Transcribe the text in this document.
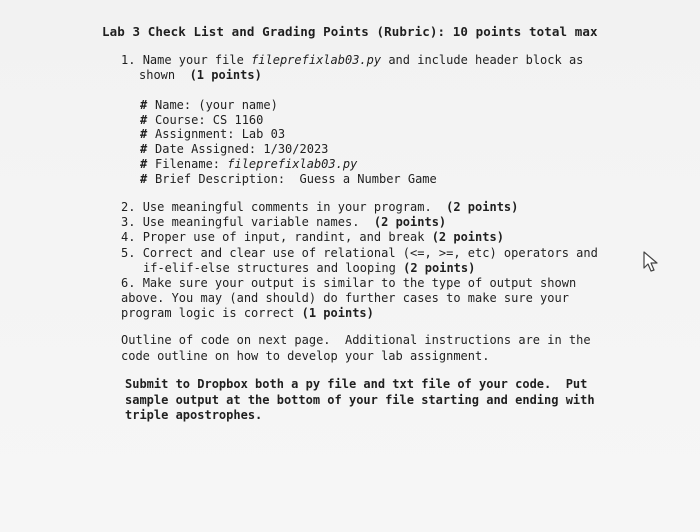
Lab 3 Check List and Grading Points (Rubric): 10 points total max
1. Name your file fileprefixlab03.py and include header block as
shown (1 points)
# Name: (your name)
# Course: CS 1160
# Assignment: Lab 03
# Date Assigned: 1/30/2023
# Filename: fileprefixlab03.py
# Brief Description:  Guess a Number Game
2. Use meaningful comments in your program. (2 points)
3. Use meaningful variable names. (2 points)
4. Proper use of input, randint, and break (2 points)
5. Correct and clear use of relational (<=, >=, etc) operators and
if-elif-else structures and looping (2 points)
6. Make sure your output is similar to the type of output shown
above. You may (and should) do further cases to make sure your
program logic is correct (1 points)
Outline of code on next page.  Additional instructions are in the
code outline on how to develop your lab assignment.
Submit to Dropbox both a py file and txt file of your code.  Put
sample output at the bottom of your file starting and ending with
triple apostrophes.
